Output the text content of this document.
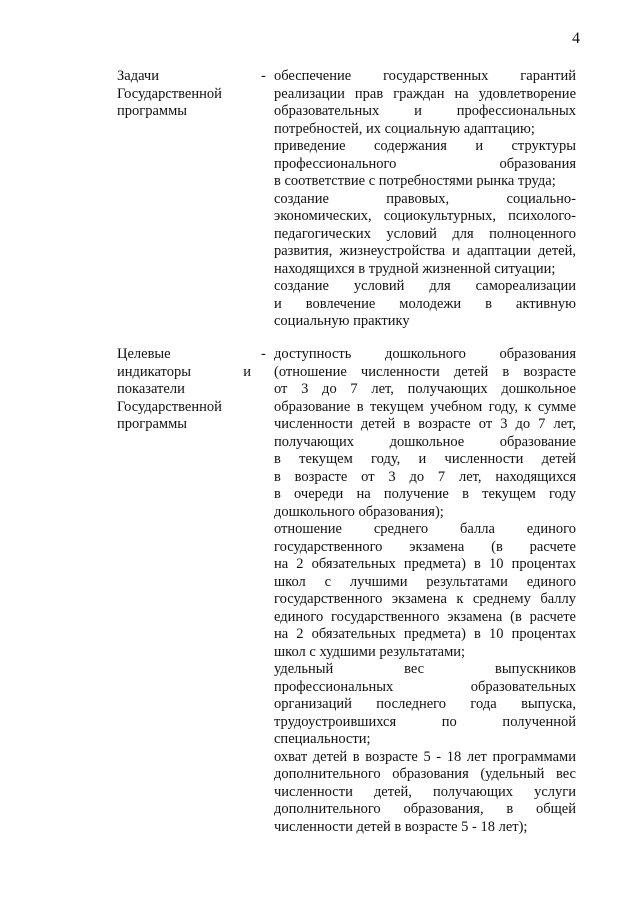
4
Задачи
Государственной
программы
- обеспечение государственных гарантий
реализации прав граждан на удовлетворение
образовательных и профессиональных
потребностей, их социальную адаптацию;
приведение содержания и структуры
профессионального образования
в соответствие с потребностями рынка труда;
создание правовых, социально-
экономических, социокультурных, психолого-
педагогических условий для полноценного
развития, жизнеустройства и адаптации детей,
находящихся в трудной жизненной ситуации;
создание условий для самореализации
и вовлечение молодежи в активную
социальную практику
Целевые
индикаторы и
показатели
Государственной
программы
- доступность дошкольного образования
(отношение численности детей в возрасте
от 3 до 7 лет, получающих дошкольное
образование в текущем учебном году, к сумме
численности детей в возрасте от 3 до 7 лет,
получающих дошкольное образование
в текущем году, и численности детей
в возрасте от 3 до 7 лет, находящихся
в очереди на получение в текущем году
дошкольного образования);
отношение среднего балла единого
государственного экзамена (в расчете
на 2 обязательных предмета) в 10 процентах
школ с лучшими результатами единого
государственного экзамена к среднему баллу
единого государственного экзамена (в расчете
на 2 обязательных предмета) в 10 процентах
школ с худшими результатами;
удельный вес выпускников
профессиональных образовательных
организаций последнего года выпуска,
трудоустроившихся по полученной
специальности;
охват детей в возрасте 5 - 18 лет программами
дополнительного образования (удельный вес
численности детей, получающих услуги
дополнительного образования, в общей
численности детей в возрасте 5 - 18 лет);
